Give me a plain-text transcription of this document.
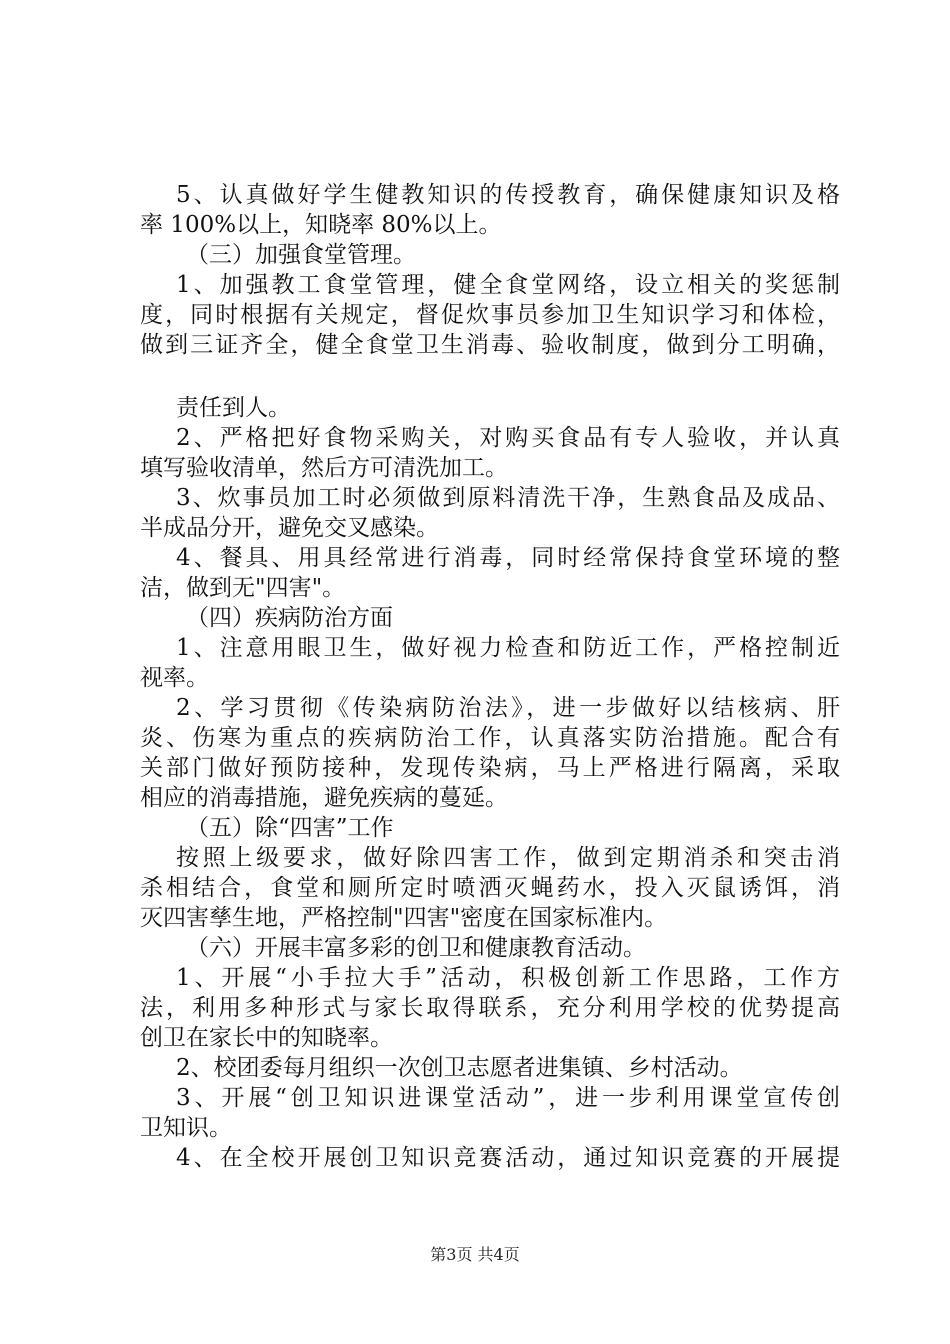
5、认真做好学生健教知识的传授教育，确保健康知识及格
率 100%以上，知晓率 80%以上。
（三）加强食堂管理。
1、加强教工食堂管理，健全食堂网络，设立相关的奖惩制
度，同时根据有关规定，督促炊事员参加卫生知识学习和体检，
做到三证齐全，健全食堂卫生消毒、验收制度，做到分工明确，
责任到人。
2、严格把好食物采购关，对购买食品有专人验收，并认真
填写验收清单，然后方可清洗加工。
3、炊事员加工时必须做到原料清洗干净，生熟食品及成品、
半成品分开，避免交叉感染。
4、餐具、用具经常进行消毒，同时经常保持食堂环境的整
洁，做到无"四害"。
（四）疾病防治方面
1、注意用眼卫生，做好视力检查和防近工作，严格控制近
视率。
2、学习贯彻《传染病防治法》，进一步做好以结核病、肝
炎、伤寒为重点的疾病防治工作，认真落实防治措施。配合有
关部门做好预防接种，发现传染病，马上严格进行隔离，采取
相应的消毒措施，避免疾病的蔓延。
（五）除“四害”工作
按照上级要求，做好除四害工作，做到定期消杀和突击消
杀相结合，食堂和厕所定时喷洒灭蝇药水，投入灭鼠诱饵，消
灭四害孳生地，严格控制"四害"密度在国家标准内。
（六）开展丰富多彩的创卫和健康教育活动。
1、开展“小手拉大手”活动，积极创新工作思路，工作方
法，利用多种形式与家长取得联系，充分利用学校的优势提高
创卫在家长中的知晓率。
2、校团委每月组织一次创卫志愿者进集镇、乡村活动。
3、开展“创卫知识进课堂活动”，进一步利用课堂宣传创
卫知识。
4、在全校开展创卫知识竞赛活动，通过知识竞赛的开展提
第3页 共4页
